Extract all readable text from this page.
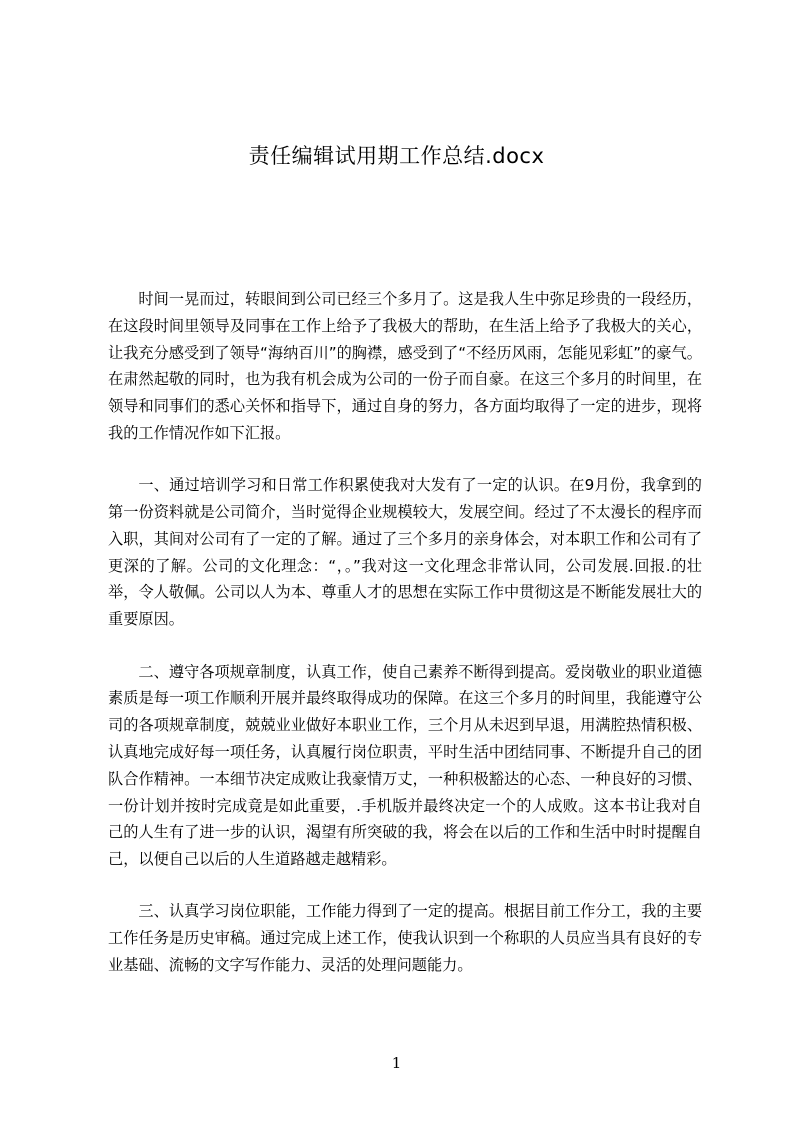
责任编辑试用期工作总结.docx

时间一晃而过，转眼间到公司已经三个多月了。这是我人生中弥足珍贵的一段经历，在这段时间里领导及同事在工作上给予了我极大的帮助，在生活上给予了我极大的关心，让我充分感受到了领导“海纳百川”的胸襟，感受到了“不经历风雨，怎能见彩虹”的豪气。在肃然起敬的同时，也为我有机会成为公司的一份子而自豪。在这三个多月的时间里，在领导和同事们的悉心关怀和指导下，通过自身的努力，各方面均取得了一定的进步，现将我的工作情况作如下汇报。

一、通过培训学习和日常工作积累使我对大发有了一定的认识。在9月份，我拿到的第一份资料就是公司简介，当时觉得企业规模较大，发展空间。经过了不太漫长的程序而入职，其间对公司有了一定的了解。通过了三个多月的亲身体会，对本职工作和公司有了更深的了解。公司的文化理念：“，。”我对这一文化理念非常认同，公司发展.回报.的壮举，令人敬佩。公司以人为本、尊重人才的思想在实际工作中贯彻这是不断能发展壮大的重要原因。

二、遵守各项规章制度，认真工作，使自己素养不断得到提高。爱岗敬业的职业道德素质是每一项工作顺利开展并最终取得成功的保障。在这三个多月的时间里，我能遵守公司的各项规章制度，兢兢业业做好本职业工作，三个月从未迟到早退，用满腔热情积极、认真地完成好每一项任务，认真履行岗位职责，平时生活中团结同事、不断提升自己的团队合作精神。一本细节决定成败让我豪情万丈，一种积极豁达的心态、一种良好的习惯、一份计划并按时完成竟是如此重要，.手机版并最终决定一个的人成败。这本书让我对自己的人生有了进一步的认识，渴望有所突破的我，将会在以后的工作和生活中时时提醒自己，以便自己以后的人生道路越走越精彩。

三、认真学习岗位职能，工作能力得到了一定的提高。根据目前工作分工，我的主要工作任务是历史审稿。通过完成上述工作，使我认识到一个称职的人员应当具有良好的专业基础、流畅的文字写作能力、灵活的处理问题能力。

1
